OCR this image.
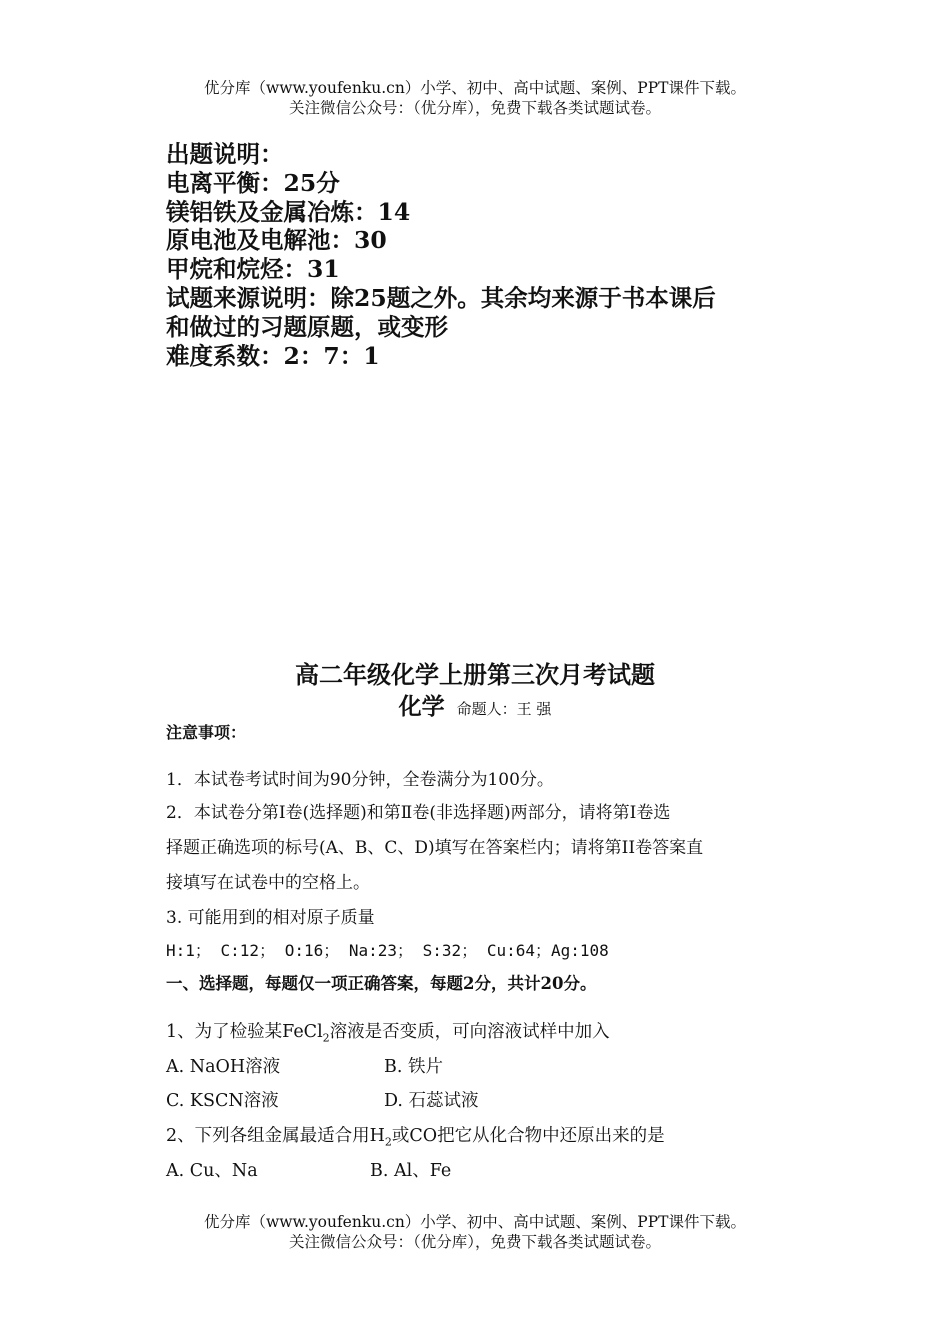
优分库（www.youfenku.cn）小学、初中、高中试题、案例、PPT课件下载。
关注微信公众号：（优分库），免费下载各类试题试卷。
出题说明：
电离平衡：25分
镁铝铁及金属冶炼：14
原电池及电解池：30
甲烷和烷烃：31
试题来源说明：除25题之外。其余均来源于书本课后
和做过的习题原题，或变形
难度系数：2：7：1
高二年级化学上册第三次月考试题
化学 命题人：王 强
注意事项：
1．本试卷考试时间为90分钟，全卷满分为100分。
2．本试卷分第Ⅰ卷(选择题)和第Ⅱ卷(非选择题)两部分，请将第Ⅰ卷选
择题正确选项的标号(A、B、C、D)填写在答案栏内；请将第II卷答案直
接填写在试卷中的空格上。
3. 可能用到的相对原子质量
H:1； C:12； O:16； Na:23； S:32； Cu:64；Ag:108
一、选择题，每题仅一项正确答案，每题2分，共计20分。
1、为了检验某FeCl$_2$溶液是否变质，可向溶液试样中加入
A. NaOH溶液	B. 铁片
C. KSCN溶液	D. 石蕊试液
2、下列各组金属最适合用$H_2$或CO把它从化合物中还原出来的是
A. Cu、Na	B. Al、Fe
优分库（www.youfenku.cn）小学、初中、高中试题、案例、PPT课件下载。
关注微信公众号：（优分库），免费下载各类试题试卷。
